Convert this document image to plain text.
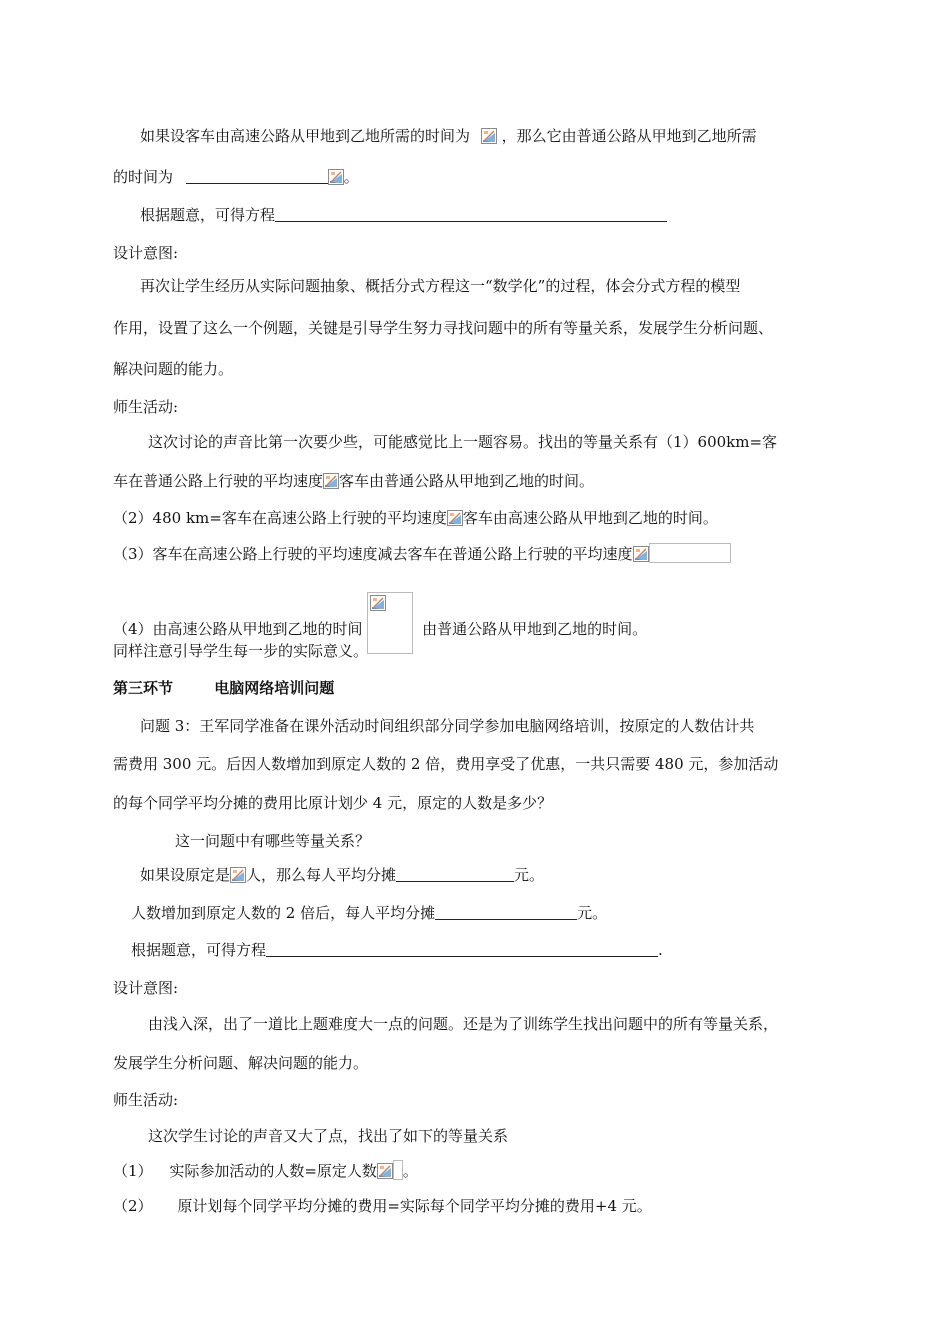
如果设客车由高速公路从甲地到乙地所需的时间为 ，那么它由普通公路从甲地到乙地所需
的时间为	。
根据题意，可得方程
设计意图:
再次让学生经历从实际问题抽象、概括分式方程这一“数学化”的过程，体会分式方程的模型
作用，设置了这么一个例题，关键是引导学生努力寻找问题中的所有等量关系，发展学生分析问题、
解决问题的能力。
师生活动:
这次讨论的声音比第一次要少些，可能感觉比上一题容易。找出的等量关系有（1）600km=客
车在普通公路上行驶的平均速度 客车由普通公路从甲地到乙地的时间。
（2）480 km=客车在高速公路上行驶的平均速度 客车由高速公路从甲地到乙地的时间。
（3）客车在高速公路上行驶的平均速度减去客车在普通公路上行驶的平均速度
（4）由高速公路从甲地到乙地的时间	由普通公路从甲地到乙地的时间。
同样注意引导学生每一步的实际意义。
第三环节	电脑网络培训问题
问题 3：王军同学准备在课外活动时间组织部分同学参加电脑网络培训，按原定的人数估计共
需费用 300 元。后因人数增加到原定人数的 2 倍，费用享受了优惠，一共只需要 480 元，参加活动
的每个同学平均分摊的费用比原计划少 4 元，原定的人数是多少？
这一问题中有哪些等量关系？
如果设原定是 人，那么每人平均分摊	元。
人数增加到原定人数的 2 倍后，每人平均分摊	元。
根据题意，可得方程	.
设计意图:
由浅入深，出了一道比上题难度大一点的问题。还是为了训练学生找出问题中的所有等量关系，
发展学生分析问题、解决问题的能力。
师生活动:
这次学生讨论的声音又大了点，找出了如下的等量关系
（1） 实际参加活动的人数=原定人数 。
（2） 原计划每个同学平均分摊的费用=实际每个同学平均分摊的费用+4 元。
